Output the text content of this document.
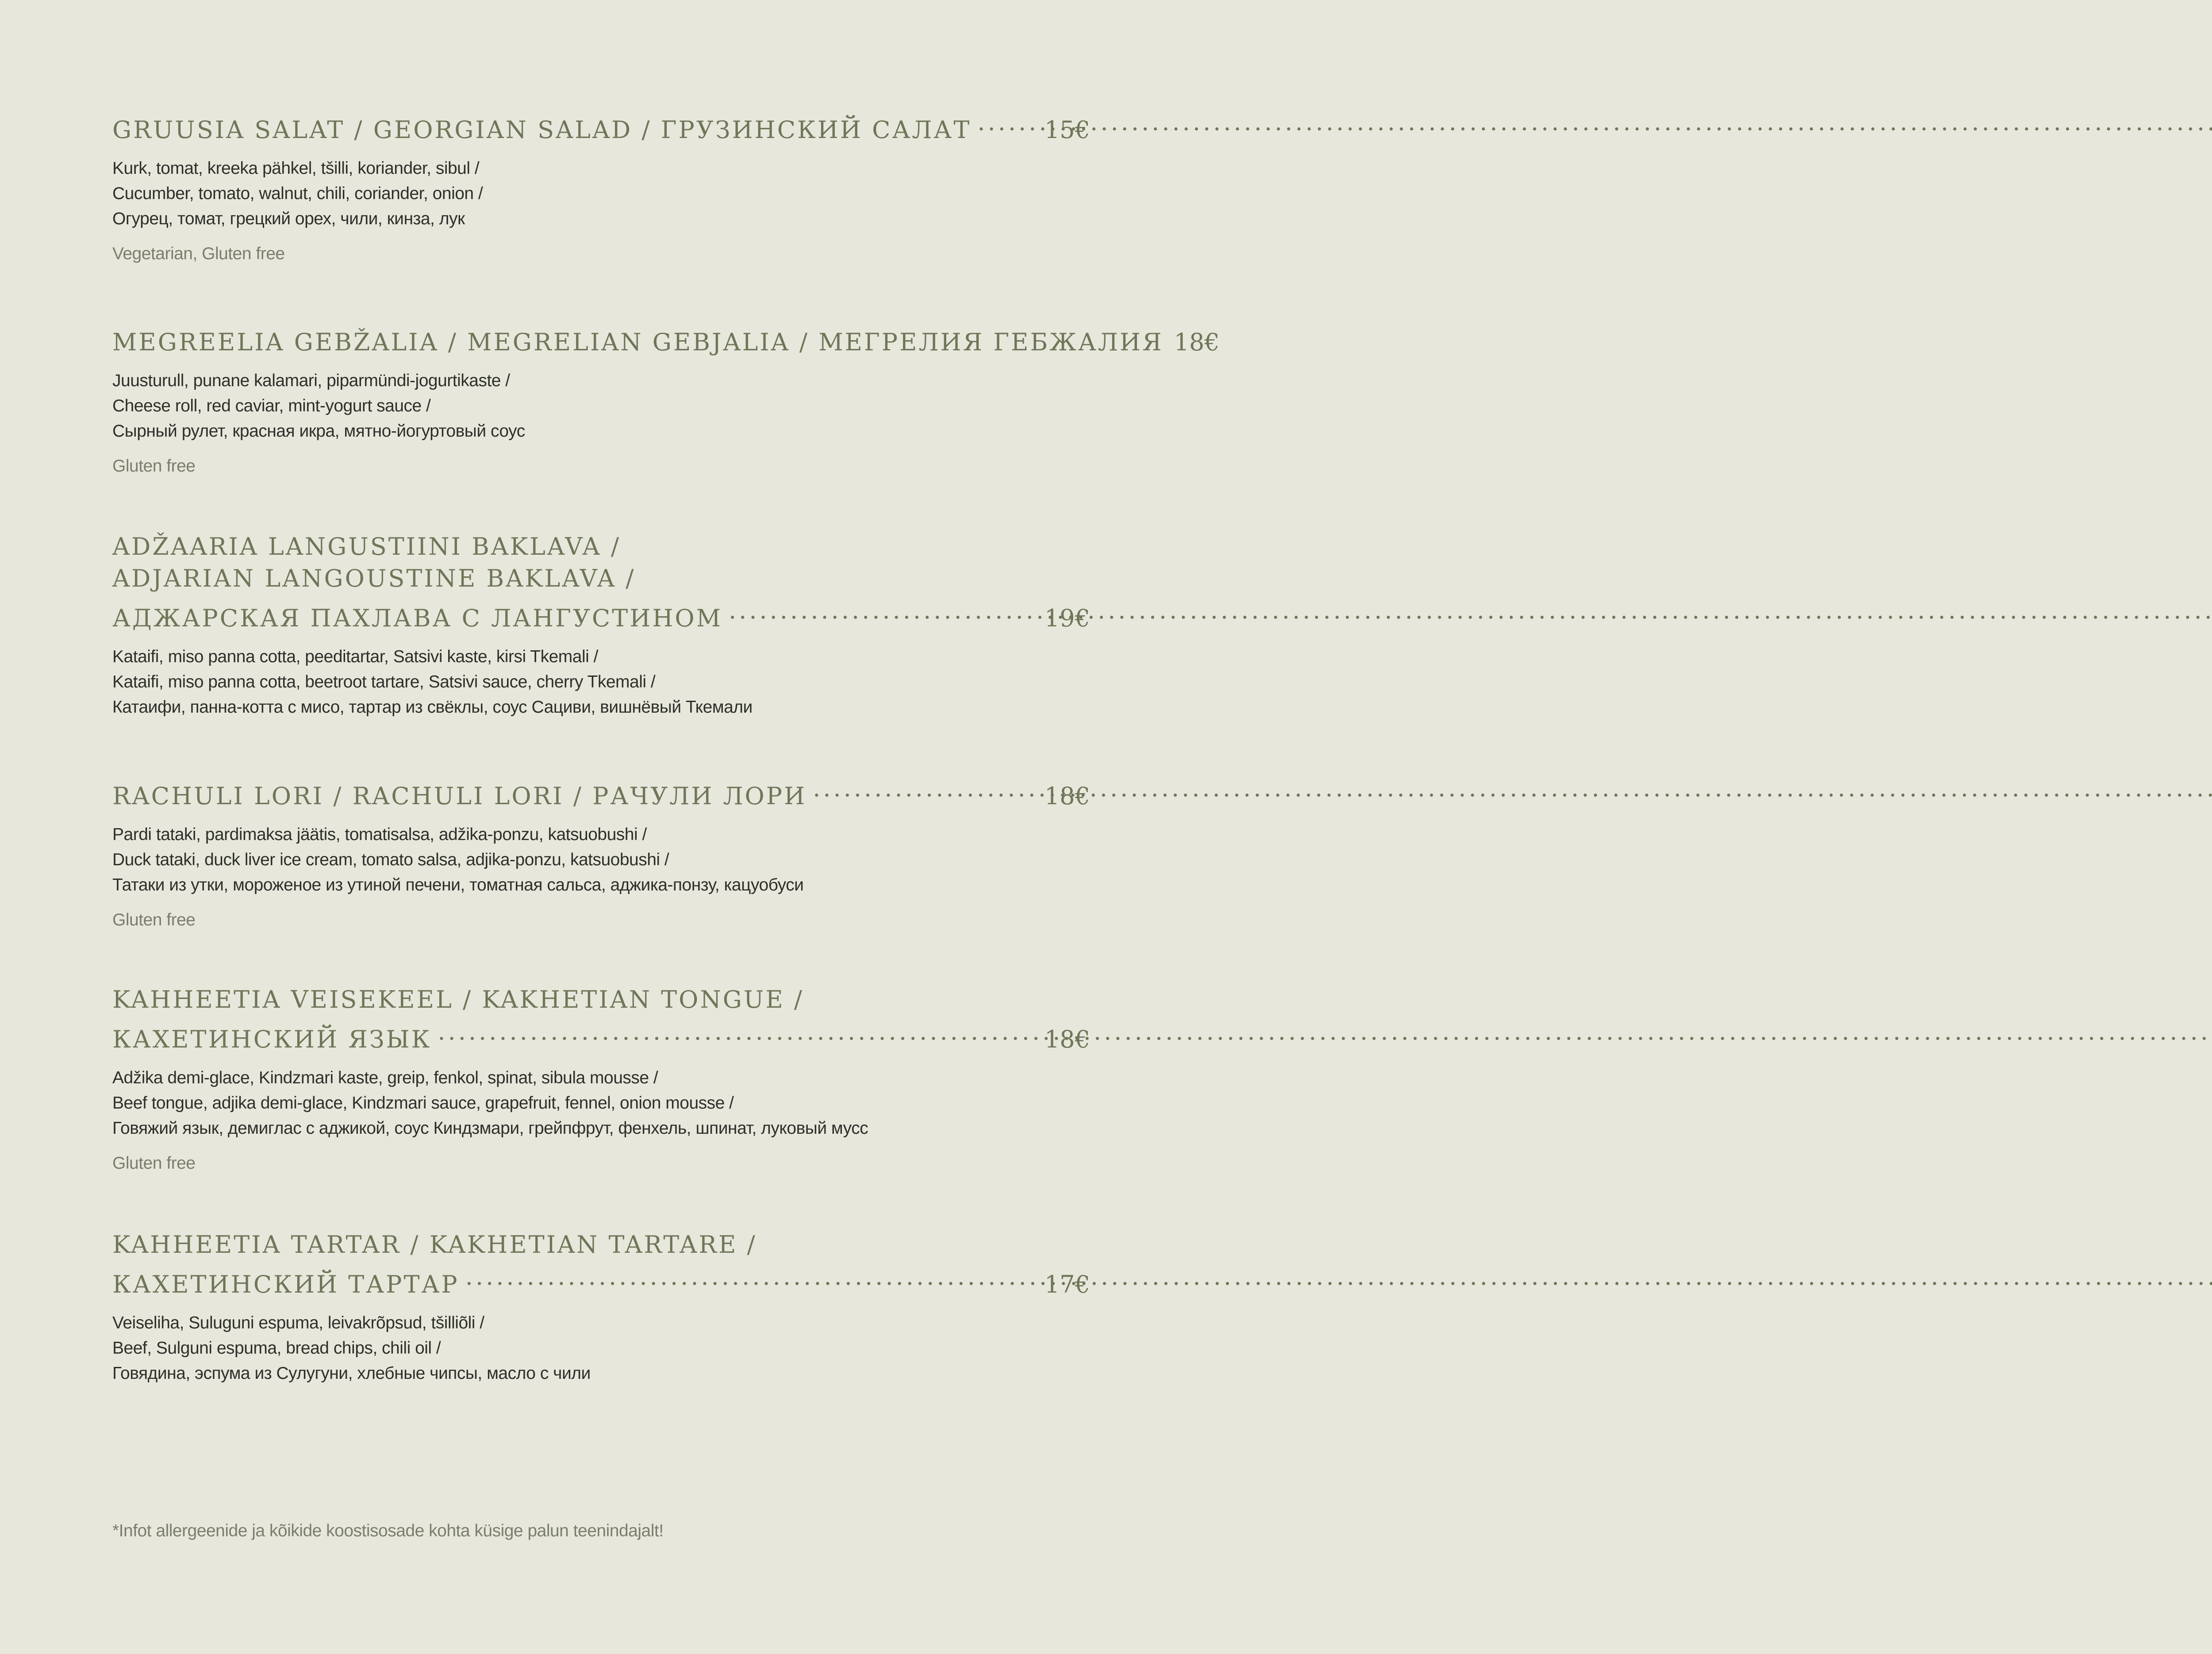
GRUUSIA SALAT / GEORGIAN SALAD / ГРУЗИНСКИЙ САЛАТ .....	15€
Kurk, tomat, kreeka pähkel, tšilli, koriander, sibul /
Cucumber, tomato, walnut, chili, coriander, onion /
Огурец, томат, грецкий орех, чили, кинза, лук
Vegetarian, Gluten free
MEGREELIA GEBŽALIA / MEGRELIAN GEBJALIA / МЕГРЕЛИЯ ГЕБЖАЛИЯ 18€
Juusturull, punane kalamari, piparmündi-jogurtikaste /
Cheese roll, red caviar, mint-yogurt sauce /
Сырный рулет, красная икра, мятно-йогуртовый соус
Gluten free
ADŽAARIA LANGUSTIINI BAKLAVA /
ADJARIAN LANGOUSTINE BAKLAVA /
АДЖАРСКАЯ ПАХЛАВА С ЛАНГУСТИНОМ .....	19€
Kataifi, miso panna cotta, peeditartar, Satsivi kaste, kirsi Tkemali /
Kataifi, miso panna cotta, beetroot tartare, Satsivi sauce, cherry Tkemali /
Катаифи, панна-котта с мисо, тартар из свёклы, соус Сациви, вишнёвый Ткемали
RACHULI LORI / RACHULI LORI / РАЧУЛИ ЛОРИ .....	18€
Pardi tataki, pardimaksa jäätis, tomatisalsa, adžika-ponzu, katsuobushi /
Duck tataki, duck liver ice cream, tomato salsa, adjika-ponzu, katsuobushi /
Татаки из утки, мороженое из утиной печени, томатная сальса, аджика-понзу, кацуобуси
Gluten free
KAHHEETIA VEISEKEEL / KAKHETIAN TONGUE /
КАХЕТИНСКИЙ ЯЗЫК .....	18€
Adžika demi-glace, Kindzmari kaste, greip, fenkol, spinat, sibula mousse /
Beef tongue, adjika demi-glace, Kindzmari sauce, grapefruit, fennel, onion mousse /
Говяжий язык, демиглас с аджикой, соус Киндзмари, грейпфрут, фенхель, шпинат, луковый мусс
Gluten free
KAHHEETIA TARTAR / KAKHETIAN TARTARE /
КАХЕТИНСКИЙ ТАРТАР .....	17€
Veiseliha, Suluguni espuma, leivakrõpsud, tšilliõli /
Beef, Sulguni espuma, bread chips, chili oil /
Говядина, эспума из Сулугуни, хлебные чипсы, масло с чили
*Infot allergeenide ja kõikide koostisosade kohta küsige palun teenindajalt!
